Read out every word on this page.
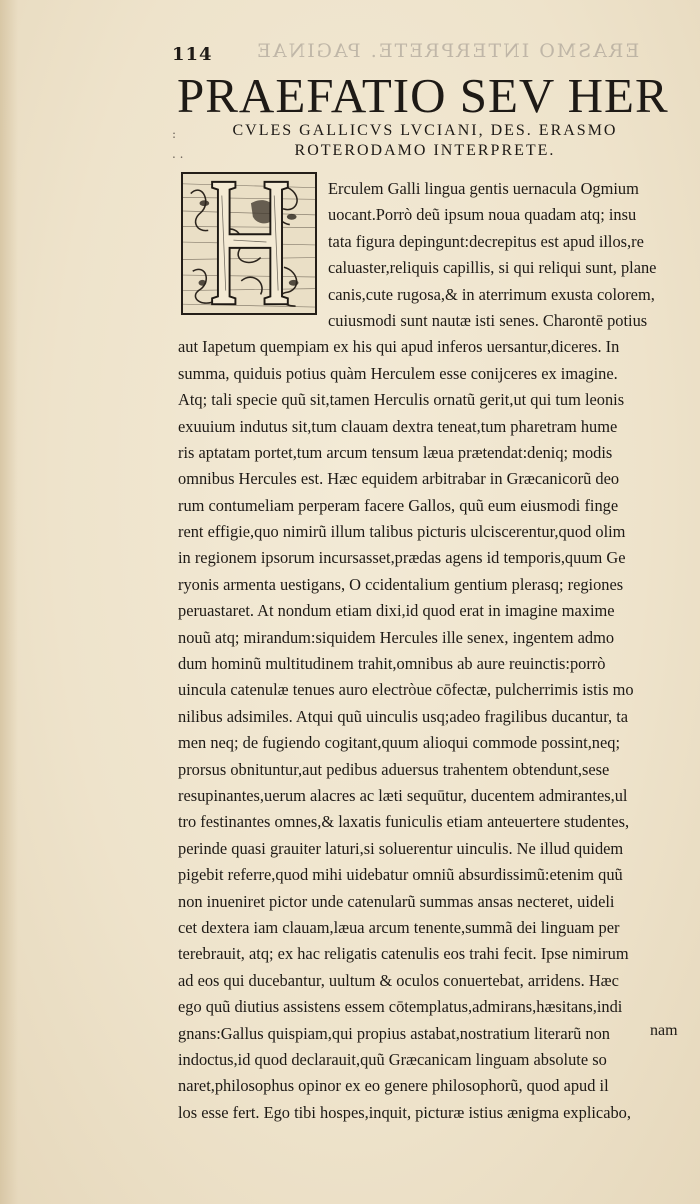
ERASMO INTERPRETE. PAGINAE
114
PRAEFATIO SEV HER
:
. .
CVLES GALLICVS LVCIANI, DES. ERASMO
ROTERODAMO INTERPRETE.
Erculem Galli lingua gentis uernacula Ogmium
uocant.Porrò deũ ipsum noua quadam atq; insu
tata figura depingunt:decrepitus est apud illos,re
caluaster,reliquis capillis, si qui reliqui sunt, plane
canis,cute rugosa,& in aterrimum exusta colorem,
cuiusmodi sunt nautæ isti senes. Charontē potius
aut Iapetum quempiam ex his qui apud inferos uersantur,diceres. In
summa, quiduis potius quàm Herculem esse conijceres ex imagine.
Atq; tali specie quũ sit,tamen Herculis ornatũ gerit,ut qui tum leonis
exuuium indutus sit,tum clauam dextra teneat,tum pharetram hume
ris aptatam portet,tum arcum tensum læua prætendat:deniq; modis
omnibus Hercules est. Hæc equidem arbitrabar in Græcanicorũ deo
rum contumeliam perperam facere Gallos, quũ eum eiusmodi finge
rent effigie,quo nimirũ illum talibus picturis ulciscerentur,quod olim
in regionem ipsorum incursasset,prædas agens id temporis,quum Ge
ryonis armenta uestigans, O ccidentalium gentium plerasq; regiones
peruastaret. At nondum etiam dixi,id quod erat in imagine maxime
nouũ atq; mirandum:siquidem Hercules ille senex, ingentem admo
dum hominũ multitudinem trahit,omnibus ab aure reuinctis:porrò
uincula catenulæ tenues auro electròue cōfectæ, pulcherrimis istis mo
nilibus adsimiles. Atqui quũ uinculis usq;adeo fragilibus ducantur, ta
men neq; de fugiendo cogitant,quum alioqui commode possint,neq;
prorsus obnituntur,aut pedibus aduersus trahentem obtendunt,sese
resupinantes,uerum alacres ac læti sequūtur, ducentem admirantes,ul
tro festinantes omnes,& laxatis funiculis etiam anteuertere studentes,
perinde quasi grauiter laturi,si soluerentur uinculis. Ne illud quidem
pigebit referre,quod mihi uidebatur omniũ absurdissimũ:etenim quũ
non inueniret pictor unde catenularũ summas ansas necteret, uideli
cet dextera iam clauam,læua arcum tenente,summã dei linguam per
terebrauit, atq; ex hac religatis catenulis eos trahi fecit. Ipse nimirum
ad eos qui ducebantur, uultum & oculos conuertebat, arridens. Hæc
ego quũ diutius assistens essem cōtemplatus,admirans,hæsitans,indi
gnans:Gallus quispiam,qui propius astabat,nostratium literarũ non
indoctus,id quod declarauit,quũ Græcanicam linguam absolute so
naret,philosophus opinor ex eo genere philosophorũ, quod apud il
los esse fert. Ego tibi hospes,inquit, picturæ istius ænigma explicabo,
nam
